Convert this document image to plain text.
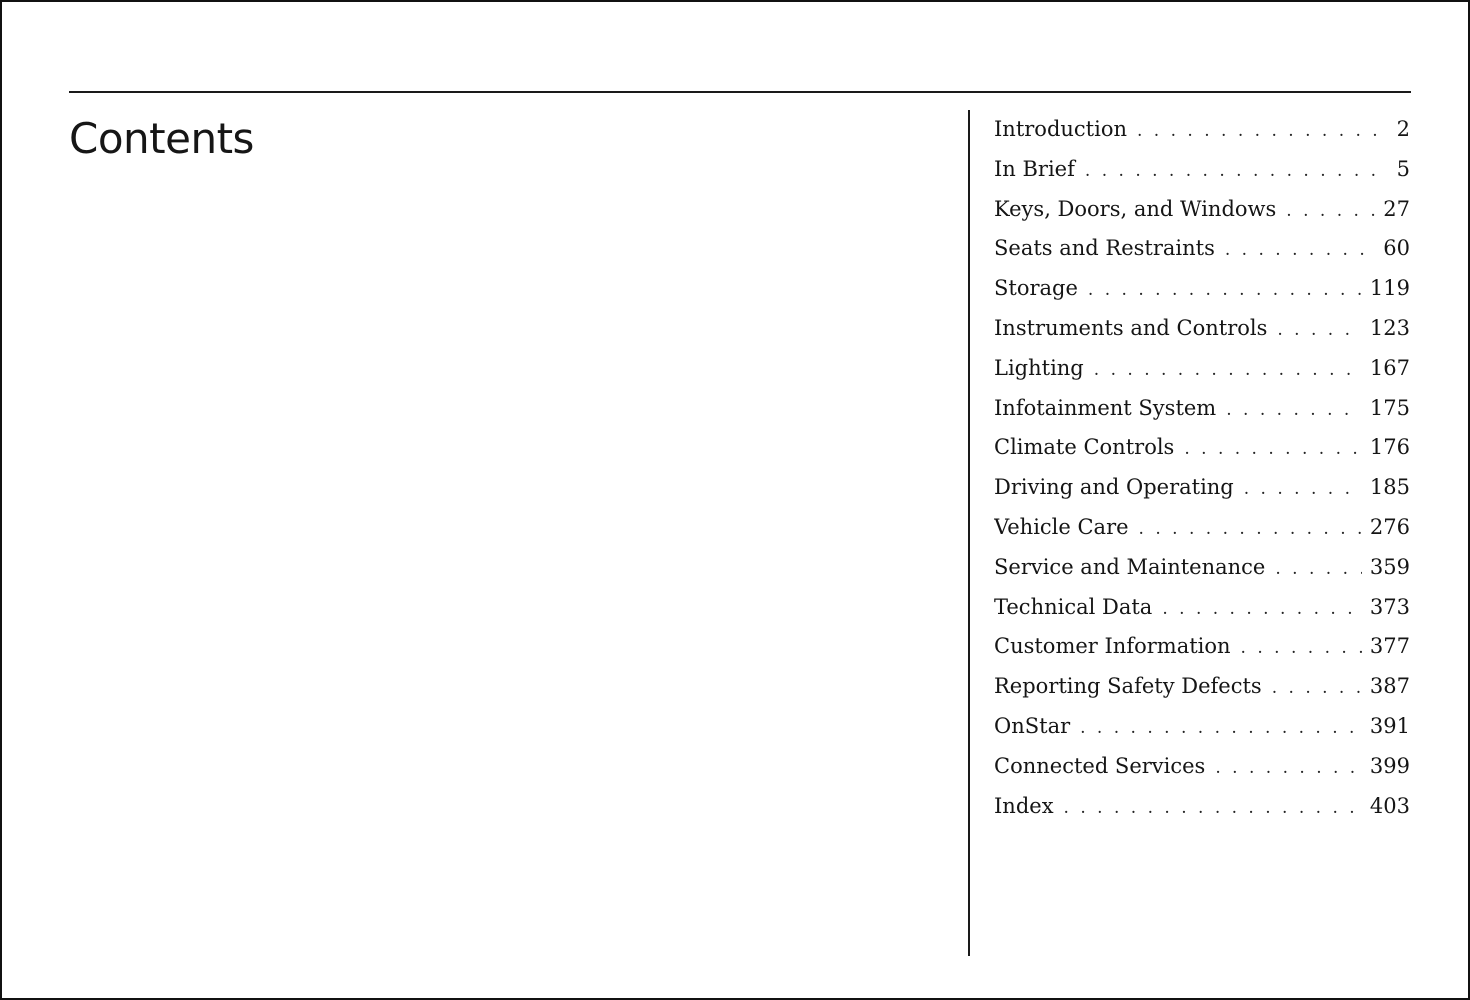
Contents	Introduction . . .	2
In Brief . . .	5
Keys, Doors, and Windows . . .	27
Seats and Restraints . . .	60
Storage . . .	119
Instruments and Controls . . .	123
Lighting . . .	167
Infotainment System . . .	175
Climate Controls . . .	176
Driving and Operating . . .	185
Vehicle Care . . .	276
Service and Maintenance . . .	359
Technical Data . . .	373
Customer Information . . .	377
Reporting Safety Defects . . .	387
OnStar . . .	391
Connected Services . . .	399
Index . . .	403
